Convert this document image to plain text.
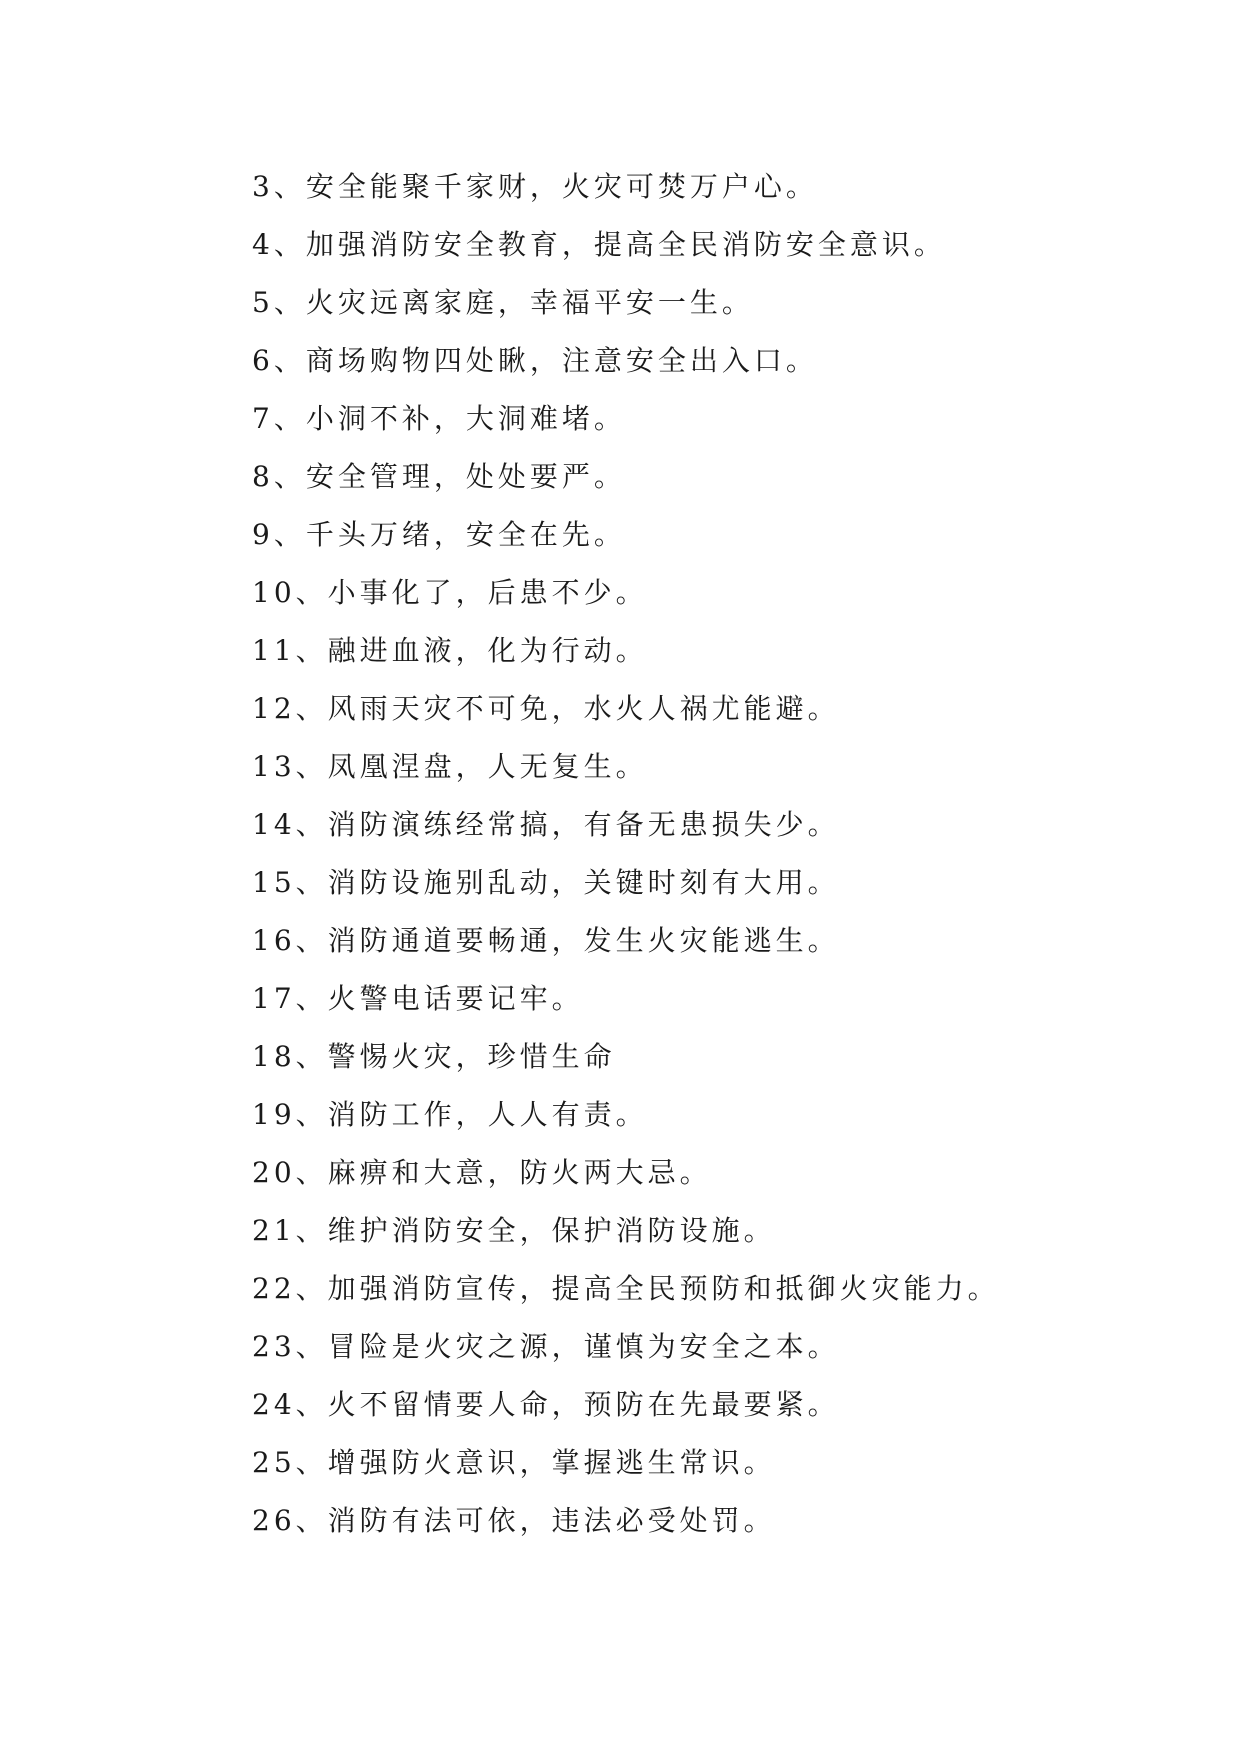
3、安全能聚千家财，火灾可焚万户心。
4、加强消防安全教育，提高全民消防安全意识。
5、火灾远离家庭，幸福平安一生。
6、商场购物四处瞅，注意安全出入口。
7、小洞不补，大洞难堵。
8、安全管理，处处要严。
9、千头万绪，安全在先。
10、小事化了，后患不少。
11、融进血液，化为行动。
12、风雨天灾不可免，水火人祸尤能避。
13、凤凰涅盘，人无复生。
14、消防演练经常搞，有备无患损失少。
15、消防设施别乱动，关键时刻有大用。
16、消防通道要畅通，发生火灾能逃生。
17、火警电话要记牢。
18、警惕火灾，珍惜生命
19、消防工作，人人有责。
20、麻痹和大意，防火两大忌。
21、维护消防安全，保护消防设施。
22、加强消防宣传，提高全民预防和抵御火灾能力。
23、冒险是火灾之源，谨慎为安全之本。
24、火不留情要人命，预防在先最要紧。
25、增强防火意识，掌握逃生常识。
26、消防有法可依，违法必受处罚。
